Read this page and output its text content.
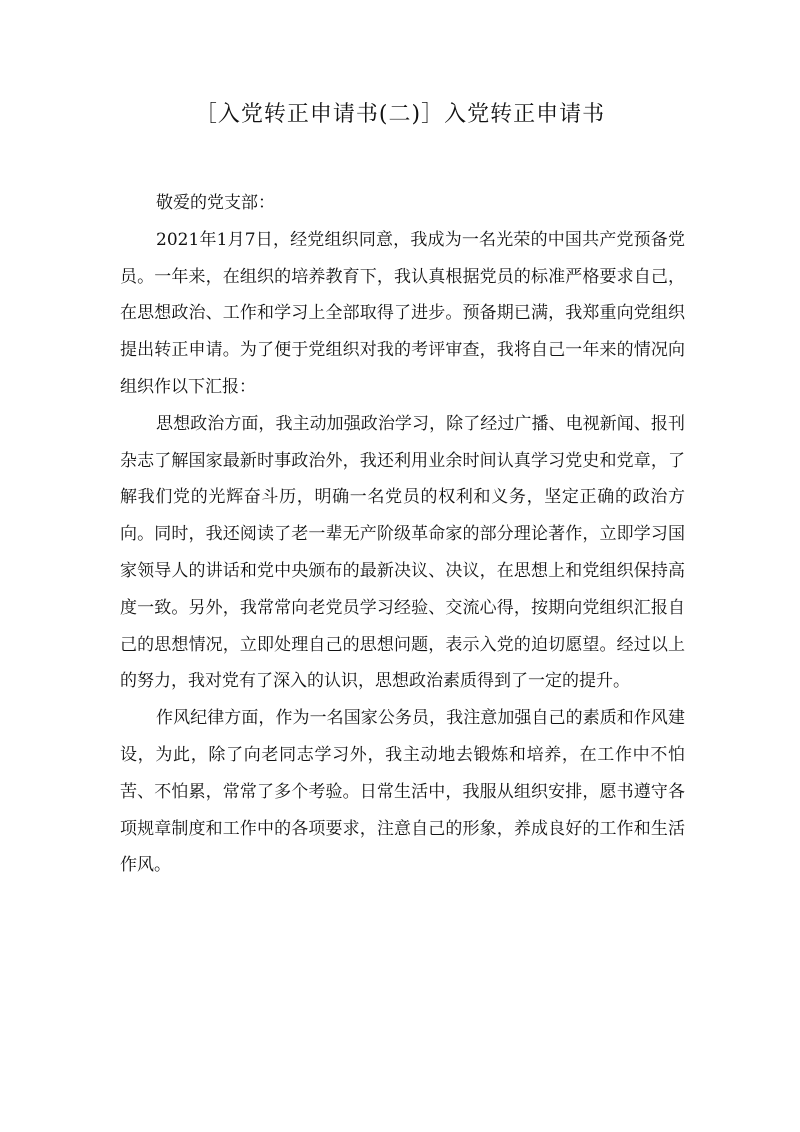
［入党转正申请书(二)］入党转正申请书

敬爱的党支部：

2021年1月7日，经党组织同意，我成为一名光荣的中国共产党预备党员。一年来，在组织的培养教育下，我认真根据党员的标准严格要求自己，在思想政治、工作和学习上全部取得了进步。预备期已满，我郑重向党组织提出转正申请。为了便于党组织对我的考评审查，我将自己一年来的情况向组织作以下汇报：

思想政治方面，我主动加强政治学习，除了经过广播、电视新闻、报刊杂志了解国家最新时事政治外，我还利用业余时间认真学习党史和党章，了解我们党的光辉奋斗历，明确一名党员的权利和义务，坚定正确的政治方向。同时，我还阅读了老一辈无产阶级革命家的部分理论著作，立即学习国家领导人的讲话和党中央颁布的最新决议、决议，在思想上和党组织保持高度一致。另外，我常常向老党员学习经验、交流心得，按期向党组织汇报自己的思想情况，立即处理自己的思想问题，表示入党的迫切愿望。经过以上的努力，我对党有了深入的认识，思想政治素质得到了一定的提升。

作风纪律方面，作为一名国家公务员，我注意加强自己的素质和作风建设，为此，除了向老同志学习外，我主动地去锻炼和培养，在工作中不怕苦、不怕累，常常了多个考验。日常生活中，我服从组织安排，愿书遵守各项规章制度和工作中的各项要求，注意自己的形象，养成良好的工作和生活作风。
